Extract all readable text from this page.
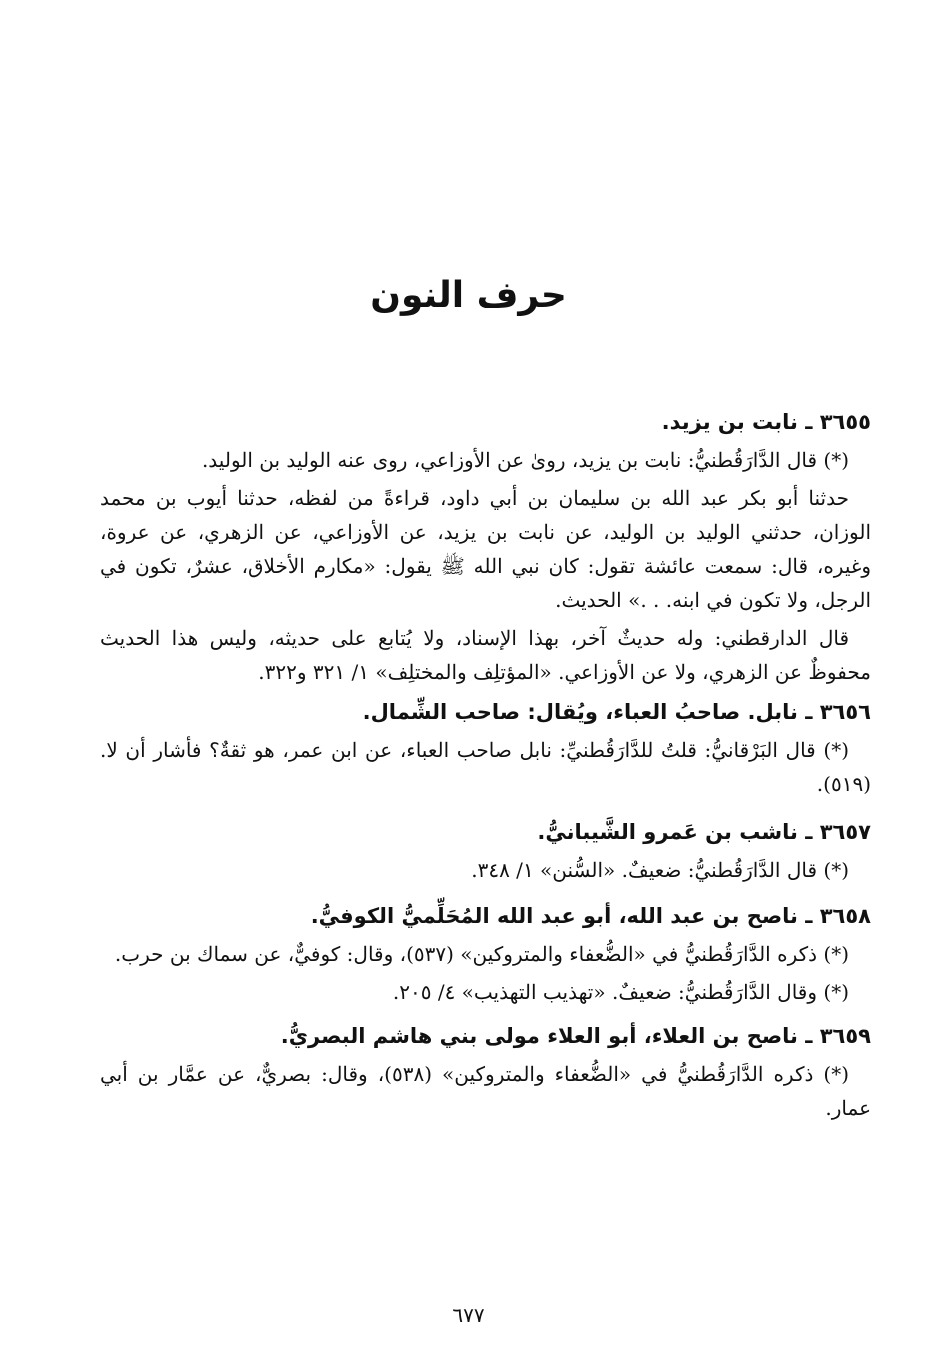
حرف النون

٣٦٥٥ ـ نابت بن يزيد.

(*) قال الدَّارَقُطنيُّ: نابت بن يزيد، روىٰ عن الأوزاعي، روى عنه الوليد بن الوليد.

حدثنا أبو بكر عبد الله بن سليمان بن أبي داود، قراءةً من لفظه، حدثنا أيوب بن محمد الوزان، حدثني الوليد بن الوليد، عن نابت بن يزيد، عن الأوزاعي، عن الزهري، عن عروة، وغيره، قال: سمعت عائشة تقول: كان نبي الله ﷺ يقول: «مكارم الأخلاق، عشرٌ، تكون في الرجل، ولا تكون في ابنه. . .» الحديث.

قال الدارقطني: وله حديثٌ آخر، بهذا الإسناد، ولا يُتابع على حديثه، وليس هذا الحديث محفوظٌ عن الزهري، ولا عن الأوزاعي. «المؤتلِف والمختلِف» ١/ ٣٢١ و٣٢٢.

٣٦٥٦ ـ نابل. صاحبُ العباء، ويُقال: صاحب الشِّمال.

(*) قال البَرْقانيُّ: قلتُ للدَّارَقُطنيِّ: نابل صاحب العباء، عن ابن عمر، هو ثقةٌ؟ فأشار أن لا. (٥١٩).

٣٦٥٧ ـ ناشب بن عَمرو الشَّيبانيُّ.

(*) قال الدَّارَقُطنيُّ: ضعيفٌ. «السُّنن» ١/ ٣٤٨.

٣٦٥٨ ـ ناصح بن عبد الله، أبو عبد الله المُحَلِّميُّ الكوفيُّ.

(*) ذكره الدَّارَقُطنيُّ في «الضُّعفاء والمتروكين» (٥٣٧)، وقال: كوفيٌّ، عن سماك بن حرب.

(*) وقال الدَّارَقُطنيُّ: ضعيفٌ. «تهذيب التهذيب» ٤/ ٢٠٥.

٣٦٥٩ ـ ناصح بن العلاء، أبو العلاء مولى بني هاشم البصريُّ.

(*) ذكره الدَّارَقُطنيُّ في «الضُّعفاء والمتروكين» (٥٣٨)، وقال: بصريٌّ، عن عمَّار بن أبي عمار.

٦٧٧
